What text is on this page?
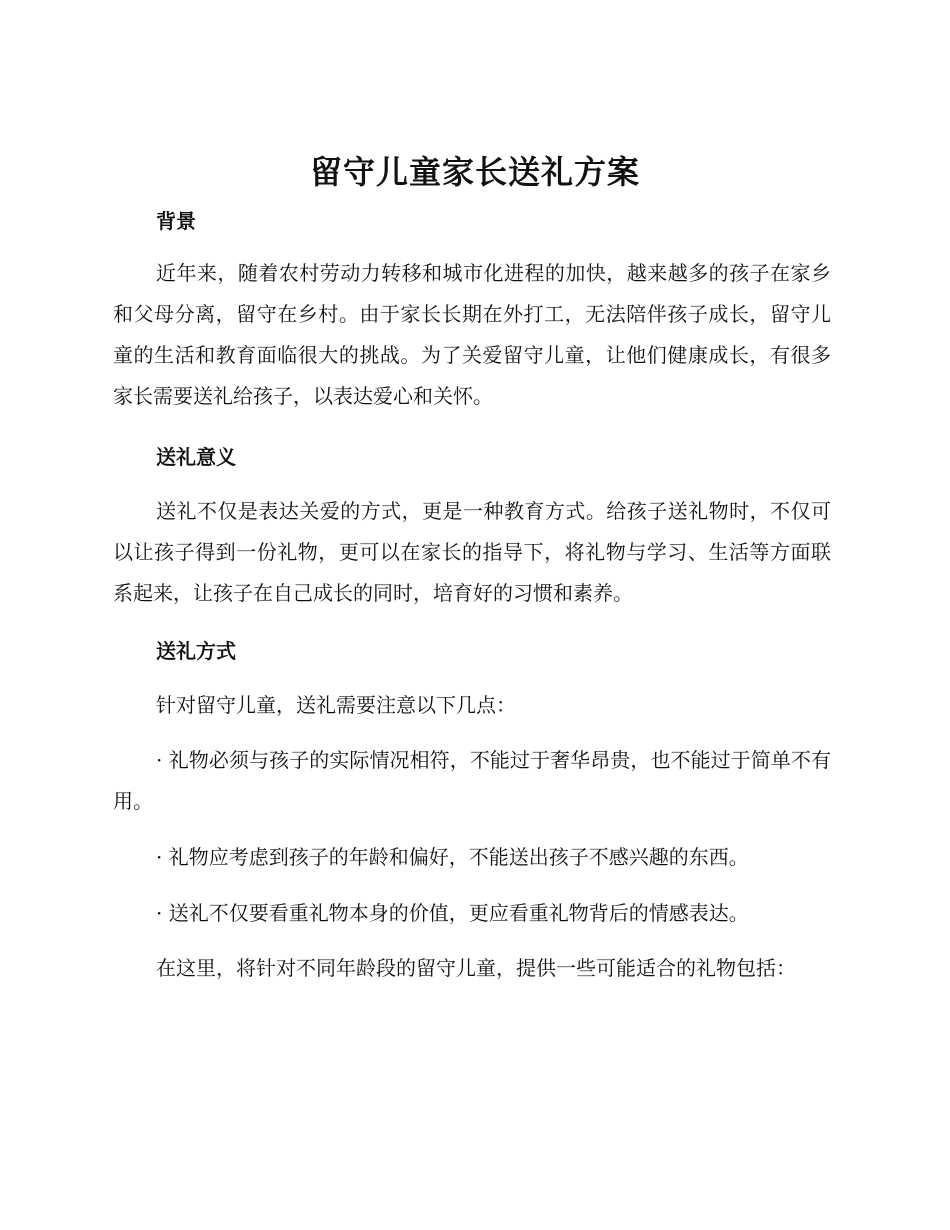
留守儿童家长送礼方案
背景

近年来，随着农村劳动力转移和城市化进程的加快，越来越多的孩子在家乡和父母分离，留守在乡村。由于家长长期在外打工，无法陪伴孩子成长，留守儿童的生活和教育面临很大的挑战。为了关爱留守儿童，让他们健康成长，有很多家长需要送礼给孩子，以表达爱心和关怀。

送礼意义

送礼不仅是表达关爱的方式，更是一种教育方式。给孩子送礼物时，不仅可以让孩子得到一份礼物，更可以在家长的指导下，将礼物与学习、生活等方面联系起来，让孩子在自己成长的同时，培育好的习惯和素养。

送礼方式

针对留守儿童，送礼需要注意以下几点：

· 礼物必须与孩子的实际情况相符，不能过于奢华昂贵，也不能过于简单不有用。

· 礼物应考虑到孩子的年龄和偏好，不能送出孩子不感兴趣的东西。

· 送礼不仅要看重礼物本身的价值，更应看重礼物背后的情感表达。

在这里，将针对不同年龄段的留守儿童，提供一些可能适合的礼物包括：
